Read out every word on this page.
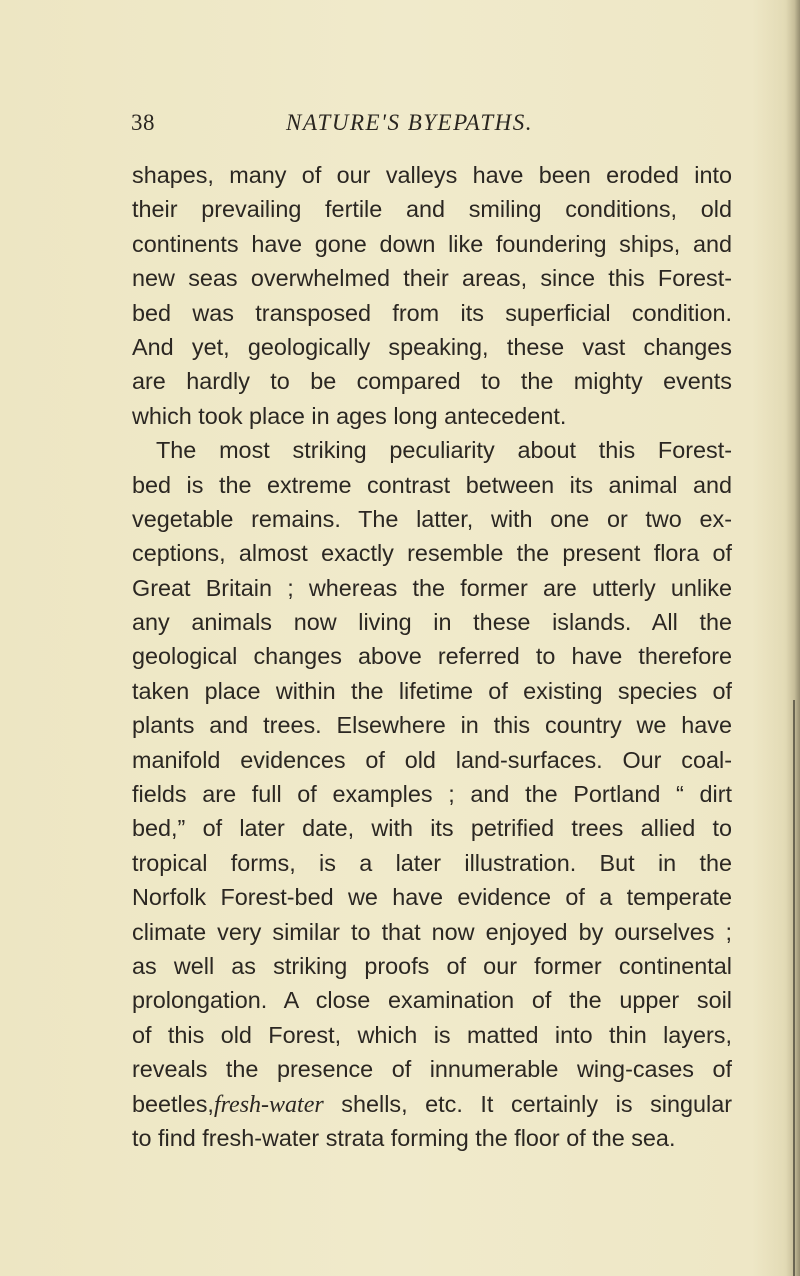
38	NATURE'S BYEPATHS.
shapes, many of our valleys have been eroded into
their prevailing fertile and smiling conditions, old
continents have gone down like foundering ships, and
new seas overwhelmed their areas, since this Forest-
bed was transposed from its superficial condition.
And yet, geologically speaking, these vast changes
are hardly to be compared to the mighty events
which took place in ages long antecedent.
The most striking peculiarity about this Forest-
bed is the extreme contrast between its animal and
vegetable remains. The latter, with one or two ex-
ceptions, almost exactly resemble the present flora of
Great Britain ; whereas the former are utterly unlike
any animals now living in these islands. All the
geological changes above referred to have therefore
taken place within the lifetime of existing species of
plants and trees. Elsewhere in this country we have
manifold evidences of old land-surfaces. Our coal-
fields are full of examples ; and the Portland “ dirt
bed,” of later date, with its petrified trees allied to
tropical forms, is a later illustration. But in the
Norfolk Forest-bed we have evidence of a temperate
climate very similar to that now enjoyed by ourselves ;
as well as striking proofs of our former continental
prolongation. A close examination of the upper soil
of this old Forest, which is matted into thin layers,
reveals the presence of innumerable wing-cases of
beetles,fresh-water shells, etc. It certainly is singular
to find fresh-water strata forming the floor of the sea.
